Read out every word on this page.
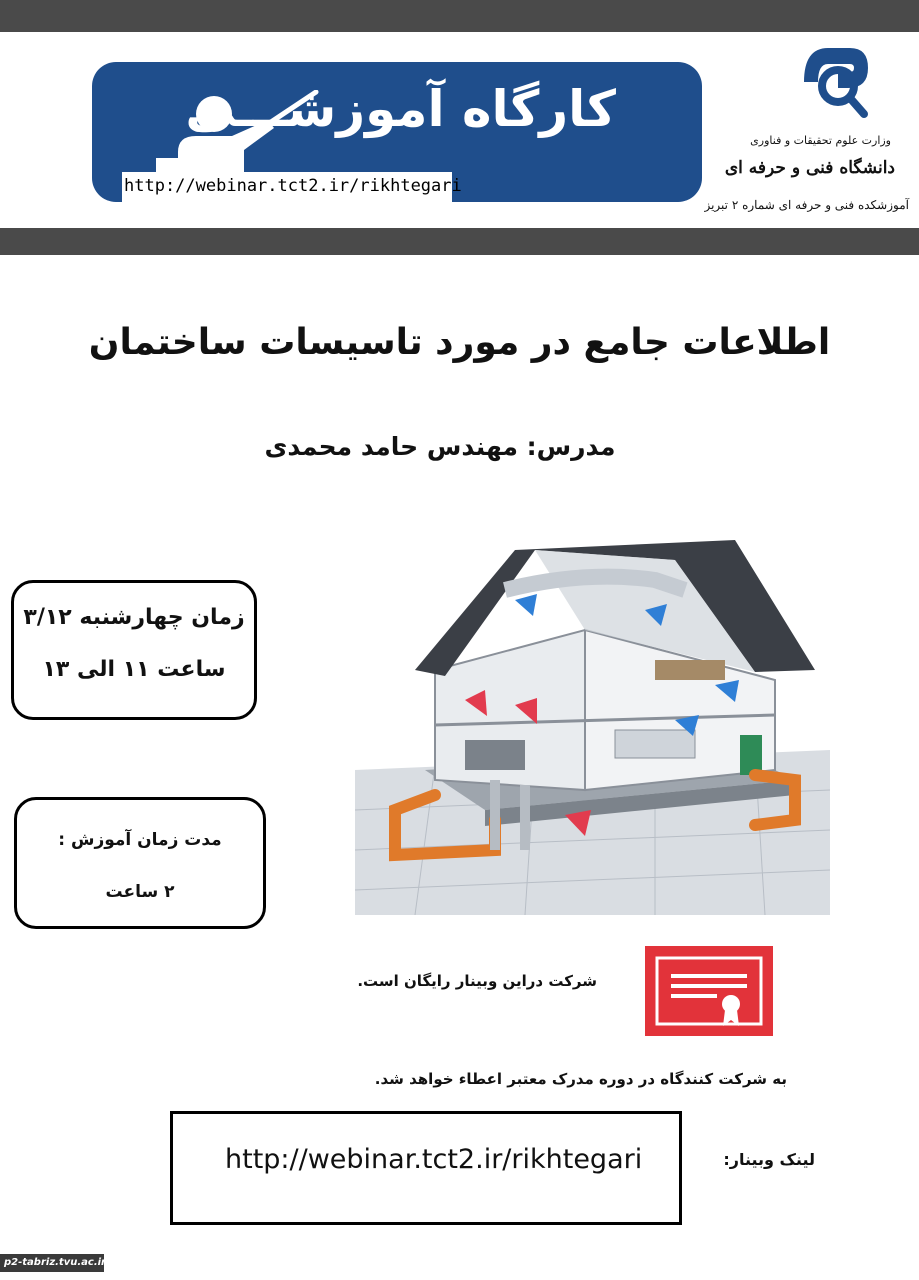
کارگاه آموزشـــی
http://webinar.tct2.ir/rikhtegari
وزارت علوم تحقیقات و فناوری
دانشگاه فنی و حرفه ای
آموزشکده فنی و حرفه ای شماره ۲ تبریز
اطلاعات جامع در مورد تاسیسات ساختمان
مدرس: مهندس حامد محمدی
زمان چهارشنبه ۳/۱۲
ساعت ۱۱ الی ۱۳
مدت زمان آموزش :
۲ ساعت
شرکت دراین وبینار رایگان است.
به شرکت کنندگاه در دوره مدرک معتبر اعطاء خواهد شد.
http://webinar.tct2.ir/rikhtegari	لینک وبینار:
p2-tabriz.tvu.ac.ir
